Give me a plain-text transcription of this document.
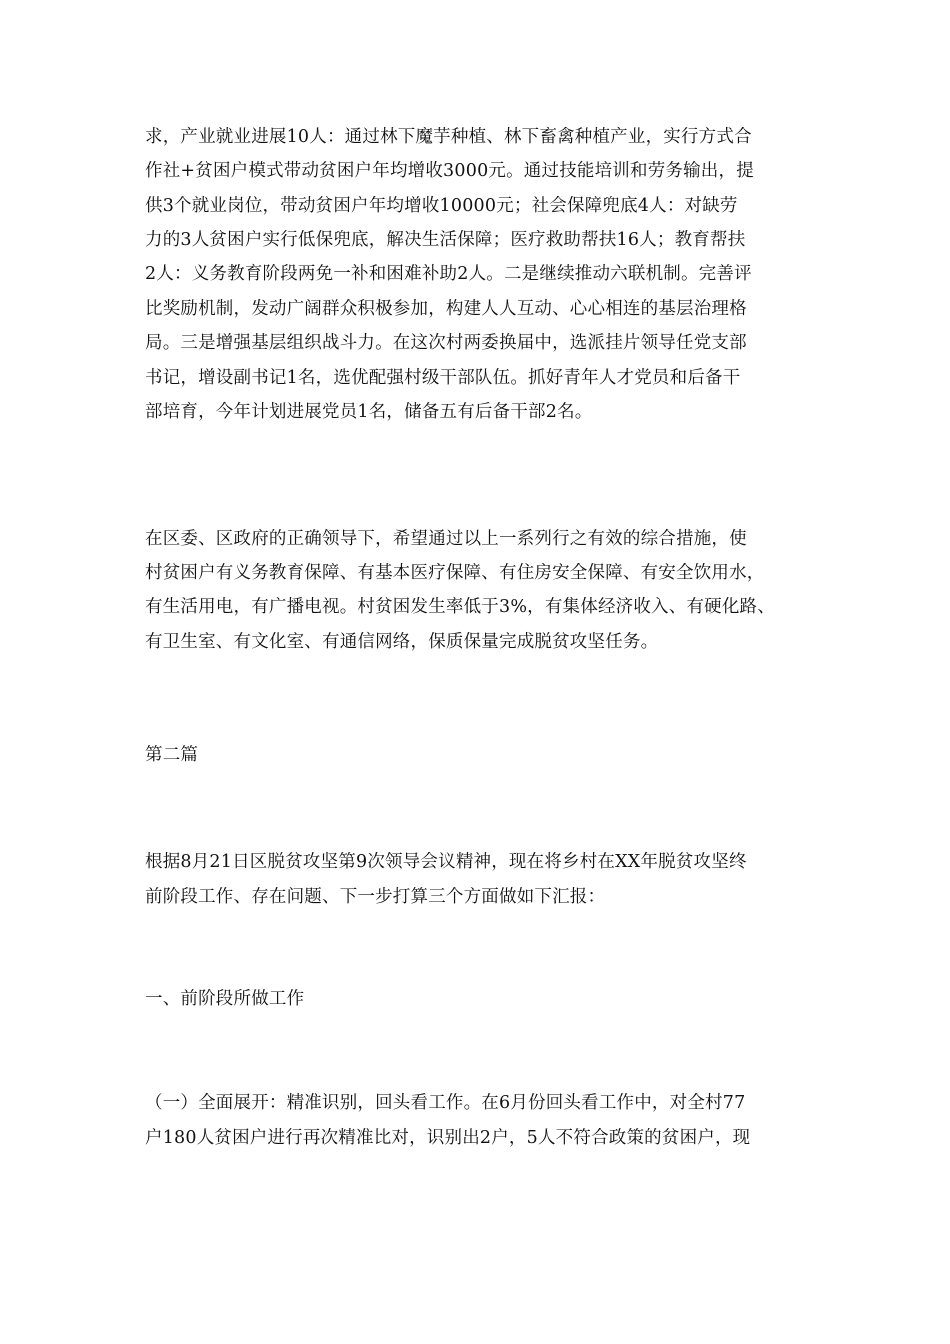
求，产业就业进展10人：通过林下魔芋种植、林下畜禽种植产业，实行方式合
作社+贫困户模式带动贫困户年均增收3000元。通过技能培训和劳务输出，提
供3个就业岗位，带动贫困户年均增收10000元；社会保障兜底4人：对缺劳
力的3人贫困户实行低保兜底，解决生活保障；医疗救助帮扶16人；教育帮扶
2人：义务教育阶段两免一补和困难补助2人。二是继续推动六联机制。完善评
比奖励机制，发动广阔群众积极参加，构建人人互动、心心相连的基层治理格
局。三是增强基层组织战斗力。在这次村两委换届中，选派挂片领导任党支部
书记，增设副书记1名，选优配强村级干部队伍。抓好青年人才党员和后备干
部培育，今年计划进展党员1名，储备五有后备干部2名。
在区委、区政府的正确领导下，希望通过以上一系列行之有效的综合措施，使
村贫困户有义务教育保障、有基本医疗保障、有住房安全保障、有安全饮用水，
有生活用电，有广播电视。村贫困发生率低于3%，有集体经济收入、有硬化路、
有卫生室、有文化室、有通信网络，保质保量完成脱贫攻坚任务。
第二篇
根据8月21日区脱贫攻坚第9次领导会议精神，现在将乡村在XX年脱贫攻坚终
前阶段工作、存在问题、下一步打算三个方面做如下汇报：
一、前阶段所做工作
（一）全面展开：精准识别，回头看工作。在6月份回头看工作中，对全村77
户180人贫困户进行再次精准比对，识别出2户，5人不符合政策的贫困户，现
